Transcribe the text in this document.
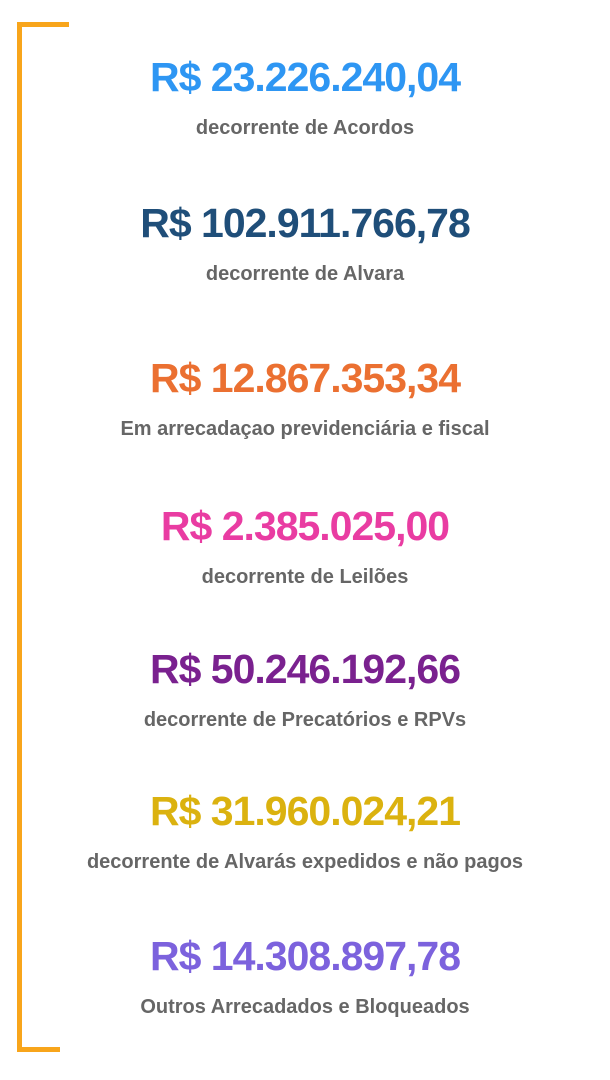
R$ 23.226.240,04
decorrente de Acordos
R$ 102.911.766,78
decorrente de Alvara
R$ 12.867.353,34
Em arrecadaçao previdenciária e fiscal
R$ 2.385.025,00
decorrente de Leilões
R$ 50.246.192,66
decorrente de Precatórios e RPVs
R$ 31.960.024,21
decorrente de Alvarás expedidos e não pagos
R$ 14.308.897,78
Outros Arrecadados e Bloqueados
